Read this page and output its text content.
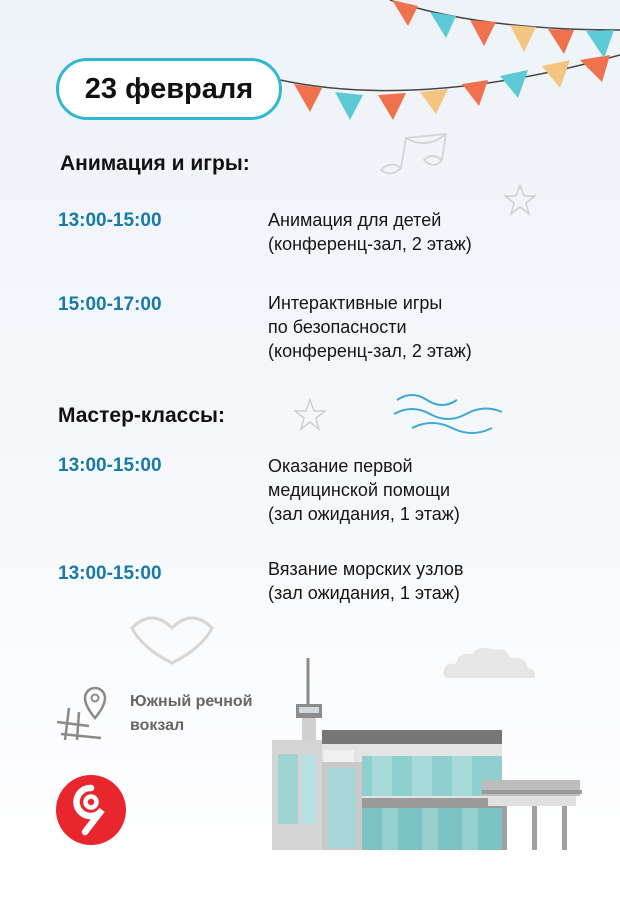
23 февраля
Анимация и игры:
13:00-15:00	Анимация для детей
(конференц-зал, 2 этаж)
15:00-17:00	Интерактивные игры
по безопасности
(конференц-зал, 2 этаж)
Мастер-классы:
13:00-15:00	Оказание первой
медицинской помощи
(зал ожидания, 1 этаж)
13:00-15:00	Вязание морских узлов
(зал ожидания, 1 этаж)
Южный речной
вокзал
